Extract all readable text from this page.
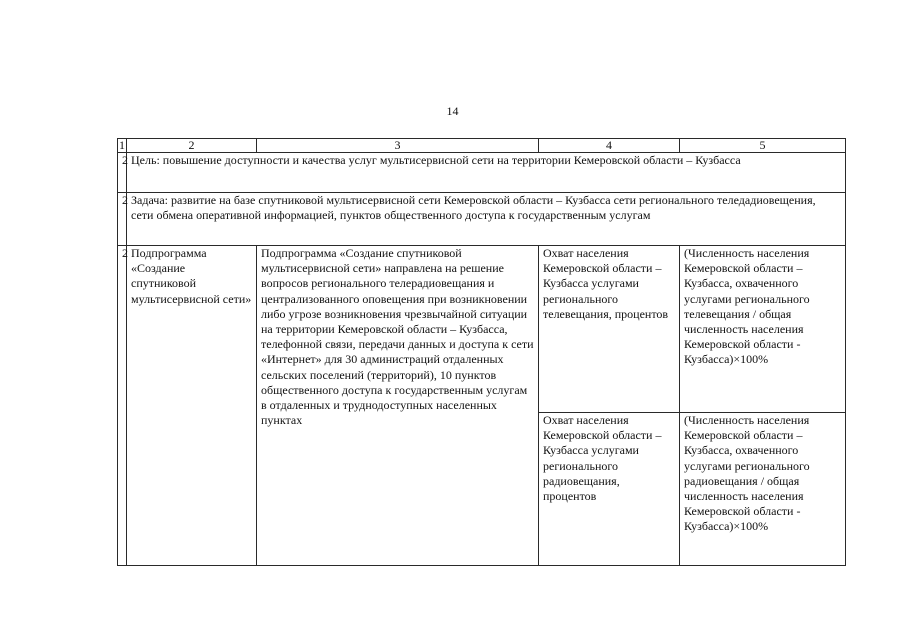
14
1	2	3	4	5
2	Цель: повышение доступности и качества услуг мультисервисной сети на территории Кемеровской области – Кузбасса			
2	Задача: развитие на базе спутниковой мультисервисной сети Кемеровской области – Кузбасса сети регионального теледадиовещения, сети обмена оперативной информацией, пунктов общественного доступа к государственным услугам			
2	Подпрограмма «Создание спутниковой мультисервисной сети»	Подпрограмма «Создание спутниковой мультисервисной сети» направлена на решение вопросов регионального телерадиовещания и централизованного оповещения при возникновении либо угрозе возникновения чрезвычайной ситуации на территории Кемеровской области – Кузбасса, телефонной связи, передачи данных и доступа к сети «Интернет» для 30 администраций отдаленных сельских поселений (территорий), 10 пунктов общественного доступа к государственным услугам в отдаленных и труднодоступных населенных пунктах	Охват населения Кемеровской области – Кузбасса услугами регионального телевещания, процентов	(Численность населения Кемеровской области – Кузбасса, охваченного услугами регионального телевещания / общая численность населения Кемеровской области - Кузбасса)×100%
			Охват населения Кемеровской области – Кузбасса услугами регионального радиовещания, процентов	(Численность населения Кемеровской области – Кузбасса, охваченного услугами регионального радиовещания / общая численность населения Кемеровской области - Кузбасса)×100%
